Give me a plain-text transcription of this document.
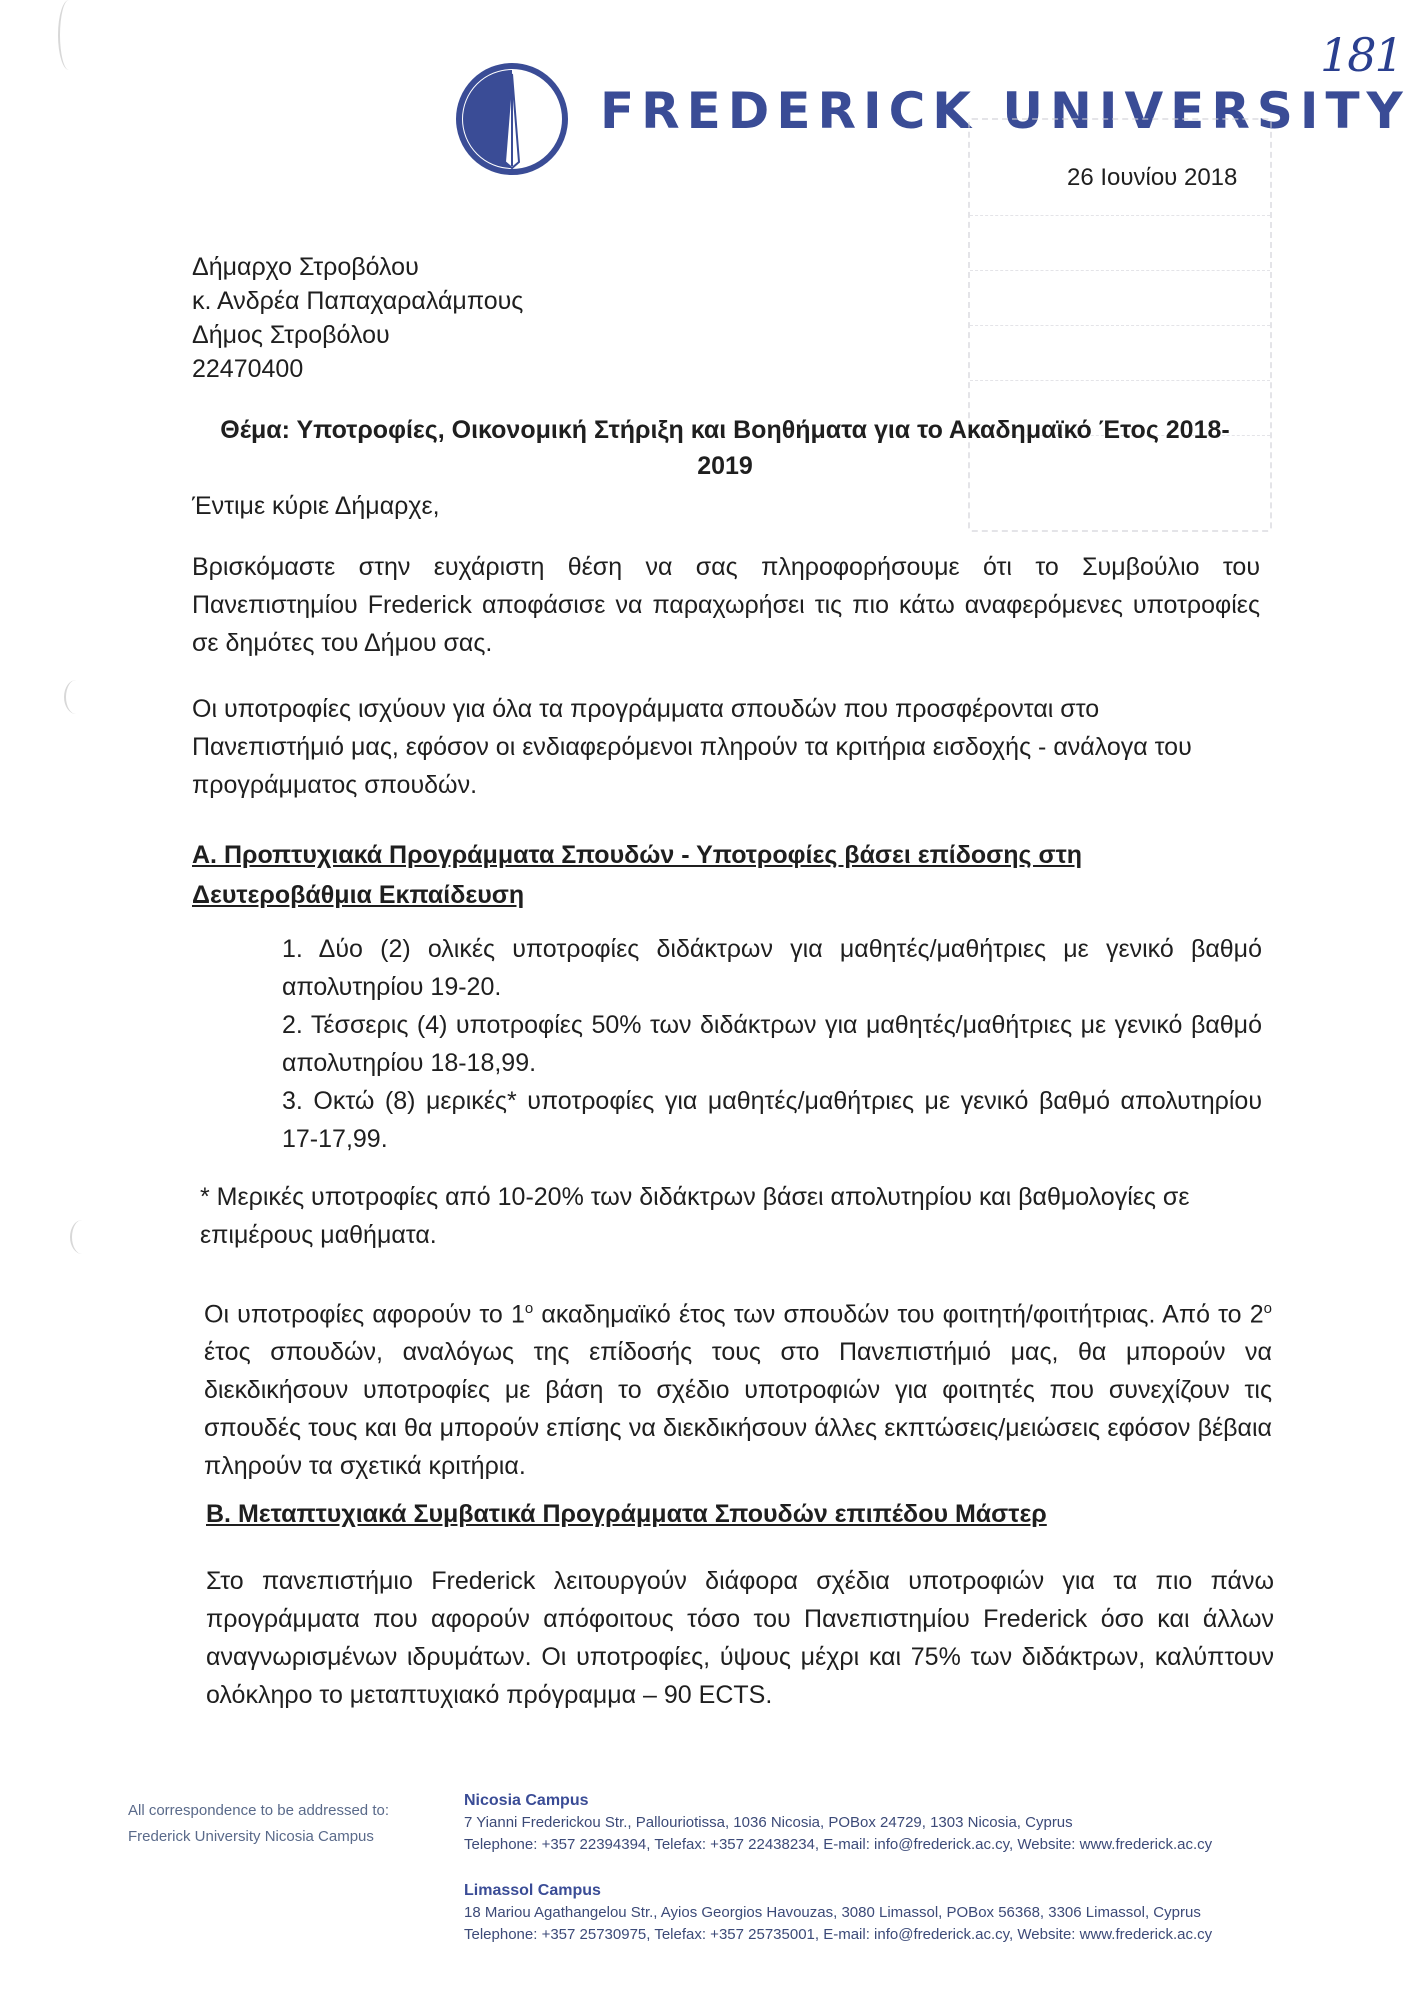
181
FREDERICK UNIVERSITY
26 Ιουνίου 2018
Δήμαρχο Στροβόλου
κ. Ανδρέα Παπαχαραλάμπους
Δήμος Στροβόλου
22470400
Θέμα: Υποτροφίες, Οικονομική Στήριξη και Βοηθήματα για το Ακαδημαϊκό Έτος 2018-
2019
Έντιμε κύριε Δήμαρχε,
Βρισκόμαστε στην ευχάριστη θέση να σας πληροφορήσουμε ότι το Συμβούλιο του Πανεπιστημίου Frederick αποφάσισε να παραχωρήσει τις πιο κάτω αναφερόμενες υποτροφίες σε δημότες του Δήμου σας.
Οι υποτροφίες ισχύουν για όλα τα προγράμματα σπουδών που προσφέρονται στο Πανεπιστήμιό μας, εφόσον οι ενδιαφερόμενοι πληρούν τα κριτήρια εισδοχής - ανάλογα του προγράμματος σπουδών.
Α. Προπτυχιακά Προγράμματα Σπουδών - Υποτροφίες βάσει επίδοσης στη Δευτεροβάθμια Εκπαίδευση
1. Δύο (2) ολικές υποτροφίες διδάκτρων για μαθητές/μαθήτριες με γενικό βαθμό απολυτηρίου 19-20.
2. Τέσσερις (4) υποτροφίες 50% των διδάκτρων για μαθητές/μαθήτριες με γενικό βαθμό απολυτηρίου 18-18,99.
3. Οκτώ (8) μερικές* υποτροφίες για μαθητές/μαθήτριες με γενικό βαθμό απολυτηρίου 17-17,99.
* Μερικές υποτροφίες από 10-20% των διδάκτρων βάσει απολυτηρίου και βαθμολογίες σε επιμέρους μαθήματα.
Οι υποτροφίες αφορούν το $1^o$ ακαδημαϊκό έτος των σπουδών του φοιτητή/φοιτήτριας. Από το $2^o$ έτος σπουδών, αναλόγως της επίδοσής τους στο Πανεπιστήμιό μας, θα μπορούν να διεκδικήσουν υποτροφίες με βάση το σχέδιο υποτροφιών για φοιτητές που συνεχίζουν τις σπουδές τους και θα μπορούν επίσης να διεκδικήσουν άλλες εκπτώσεις/μειώσεις εφόσον βέβαια πληρούν τα σχετικά κριτήρια.
Β. Μεταπτυχιακά Συμβατικά Προγράμματα Σπουδών επιπέδου Μάστερ
Στο πανεπιστήμιο Frederick λειτουργούν διάφορα σχέδια υποτροφιών για τα πιο πάνω προγράμματα που αφορούν απόφοιτους τόσο του Πανεπιστημίου Frederick όσο και άλλων αναγνωρισμένων ιδρυμάτων. Οι υποτροφίες, ύψους μέχρι και 75% των διδάκτρων, καλύπτουν ολόκληρο το μεταπτυχιακό πρόγραμμα – 90 ECTS.
All correspondence to be addressed to:
Frederick University Nicosia Campus
Nicosia Campus
7 Yianni Frederickou Str., Pallouriotissa, 1036 Nicosia, POBox 24729, 1303 Nicosia, Cyprus
Telephone: +357 22394394, Telefax: +357 22438234, E-mail: info@frederick.ac.cy, Website: www.frederick.ac.cy
Limassol Campus
18 Mariou Agathangelou Str., Ayios Georgios Havouzas, 3080 Limassol, POBox 56368, 3306 Limassol, Cyprus
Telephone: +357 25730975, Telefax: +357 25735001, E-mail: info@frederick.ac.cy, Website: www.frederick.ac.cy
